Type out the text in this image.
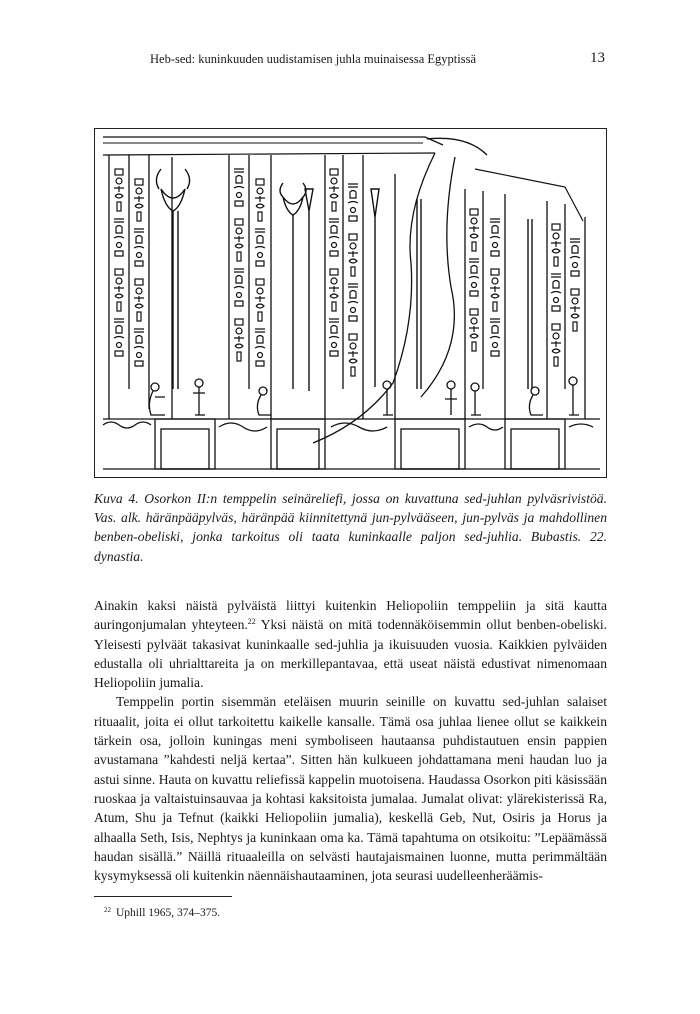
Heb-sed: kuninkuuden uudistamisen juhla muinaisessa Egyptissä	13

Kuva 4. Osorkon II:n temppelin seinäreliefi, jossa on kuvattuna sed-juhlan pylväsrivistöä. Vas. alk. häränpääpylväs, häränpää kiinnitettynä jun-pylvääseen, jun-pylväs ja mahdollinen benben-obeliski, jonka tarkoitus oli taata kuninkaalle paljon sed-juhlia. Bubastis. 22. dynastia.

Ainakin kaksi näistä pylväistä liittyi kuitenkin Heliopoliin temppeliin ja sitä kautta auringonjumalan yhteyteen.$^{22}$ Yksi näistä on mitä todennäköisemmin ollut benben-obeliski. Yleisesti pylväät takasivat kuninkaalle sed-juhlia ja ikuisuuden vuosia. Kaikkien pylväiden edustalla oli uhrialttareita ja on merkillepantavaa, että useat näistä edustivat nimenomaan Heliopoliin jumalia.

Temppelin portin sisemmän eteläisen muurin seinille on kuvattu sed-juhlan salaiset rituaalit, joita ei ollut tarkoitettu kaikelle kansalle. Tämä osa juhlaa lienee ollut se kaikkein tärkein osa, jolloin kuningas meni symboliseen hautaansa puhdistautuen ensin pappien avustamana ”kahdesti neljä kertaa”. Sitten hän kulkueen johdattamana meni haudan luo ja astui sinne. Hauta on kuvattu reliefissä kappelin muotoisena. Haudassa Osorkon piti käsissään ruoskaa ja valtaistuinsauvaa ja kohtasi kaksitoista jumalaa. Jumalat olivat: ylärekisterissä Ra, Atum, Shu ja Tefnut (kaikki Heliopoliin jumalia), keskellä Geb, Nut, Osiris ja Horus ja alhaalla Seth, Isis, Nephtys ja kuninkaan oma ka. Tämä tapahtuma on otsikoitu: ”Lepäämässä haudan sisällä.” Näillä rituaaleilla on selvästi hautajaismainen luonne, mutta perimmältään kysymyksessä oli kuitenkin näennäishautaaminen, jota seurasi uudelleenheräämis-

$^{22}$ Uphill 1965, 374–375.
